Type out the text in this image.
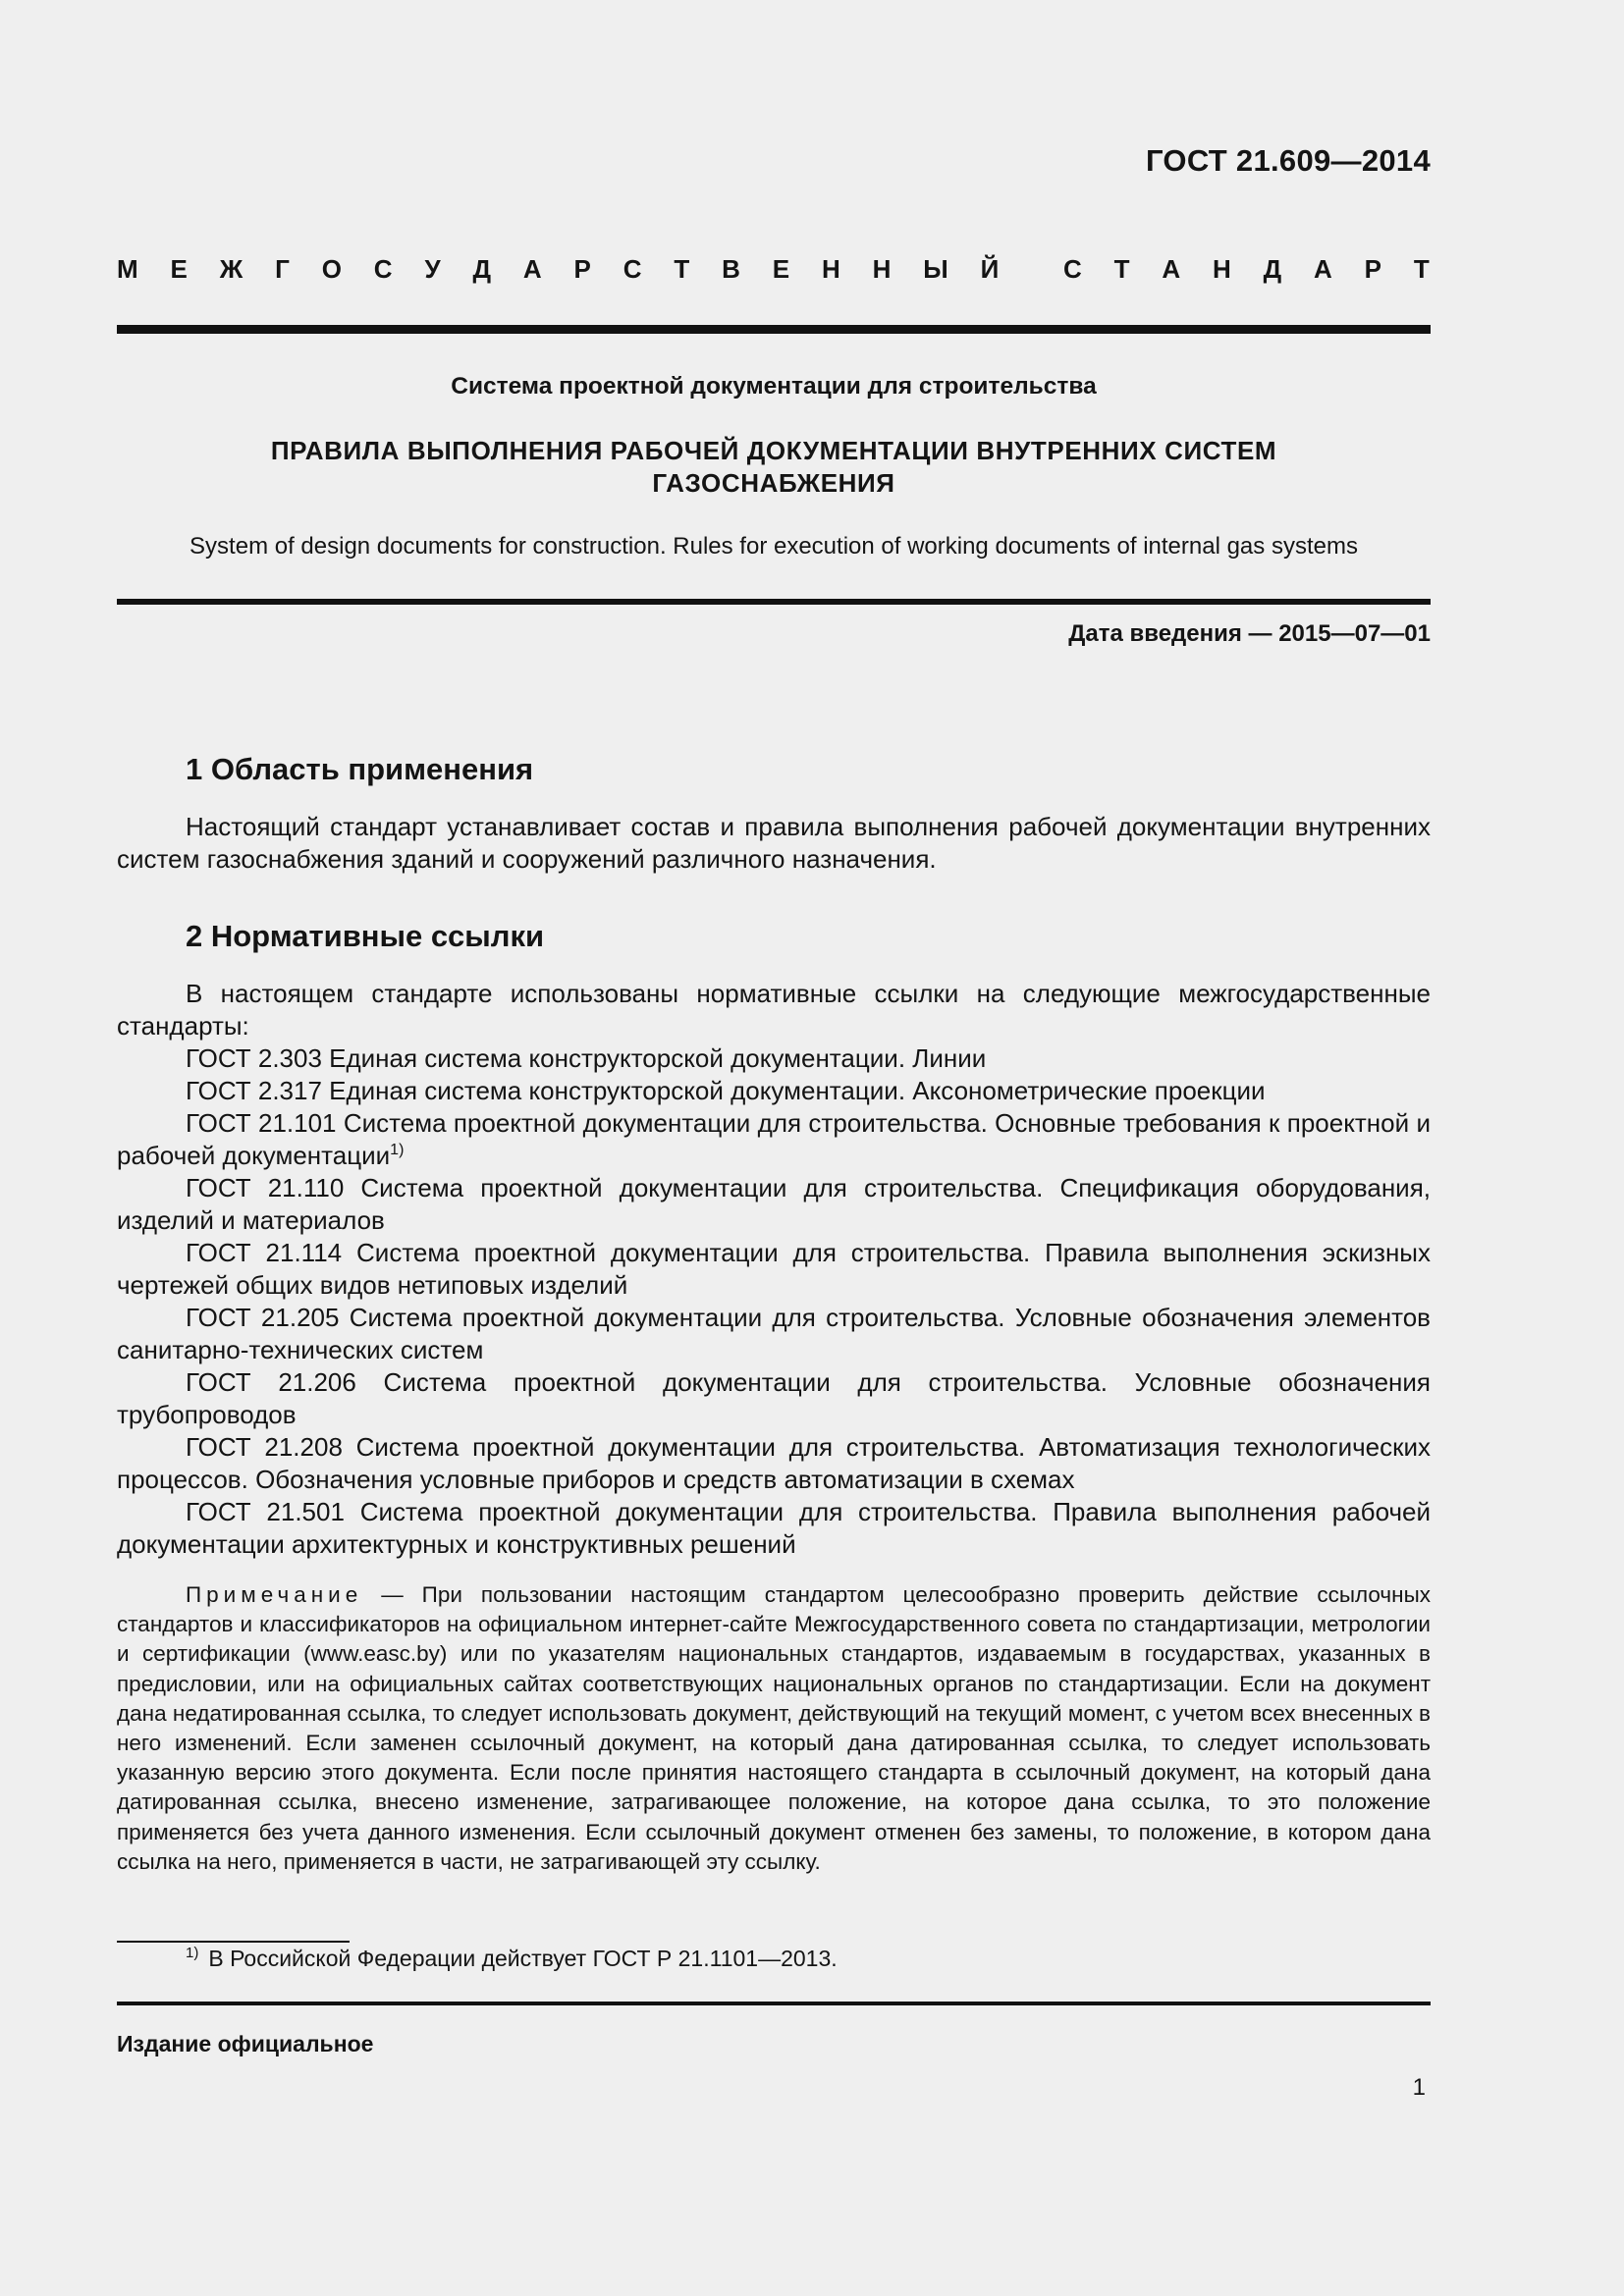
ГОСТ 21.609—2014
М Е Ж Г О С У Д А Р С Т В Е Н Н Ы Й	С Т А Н Д А Р Т
Система проектной документации для строительства
ПРАВИЛА ВЫПОЛНЕНИЯ РАБОЧЕЙ ДОКУМЕНТАЦИИ ВНУТРЕННИХ СИСТЕМ
ГАЗОСНАБЖЕНИЯ
System of design documents for construction. Rules for execution of working documents of internal gas systems
Дата введения — 2015—07—01
1 Область применения
Настоящий стандарт устанавливает состав и правила выполнения рабочей документации внутренних систем газоснабжения зданий и сооружений различного назначения.
2 Нормативные ссылки
В настоящем стандарте использованы нормативные ссылки на следующие межгосударственные стандарты:

ГОСТ 2.303 Единая система конструкторской документации. Линии

ГОСТ 2.317 Единая система конструкторской документации. Аксонометрические проекции

ГОСТ 21.101 Система проектной документации для строительства. Основные требования к проектной и рабочей документации$^{1)}$

ГОСТ 21.110 Система проектной документации для строительства. Спецификация оборудования, изделий и материалов

ГОСТ 21.114 Система проектной документации для строительства. Правила выполнения эскизных чертежей общих видов нетиповых изделий

ГОСТ 21.205 Система проектной документации для строительства. Условные обозначения элементов санитарно-технических систем

ГОСТ 21.206 Система проектной документации для строительства. Условные обозначения трубопроводов

ГОСТ 21.208 Система проектной документации для строительства. Автоматизация технологических процессов. Обозначения условные приборов и средств автоматизации в схемах

ГОСТ 21.501 Система проектной документации для строительства. Правила выполнения рабочей документации архитектурных и конструктивных решений

Примечание — При пользовании настоящим стандартом целесообразно проверить действие ссылочных стандартов и классификаторов на официальном интернет-сайте Межгосударственного совета по стандартизации, метрологии и сертификации (www.easc.by) или по указателям национальных стандартов, издаваемым в государствах, указанных в предисловии, или на официальных сайтах соответствующих национальных органов по стандартизации. Если на документ дана недатированная ссылка, то следует использовать документ, действующий на текущий момент, с учетом всех внесенных в него изменений. Если заменен ссылочный документ, на который дана датированная ссылка, то следует использовать указанную версию этого документа. Если после принятия настоящего стандарта в ссылочный документ, на который дана датированная ссылка, внесено изменение, затрагивающее положение, на которое дана ссылка, то это положение применяется без учета данного изменения. Если ссылочный документ отменен без замены, то положение, в котором дана ссылка на него, применяется в части, не затрагивающей эту ссылку.
$^{1)}$ В Российской Федерации действует ГОСТ Р 21.1101—2013.
Издание официальное
1
